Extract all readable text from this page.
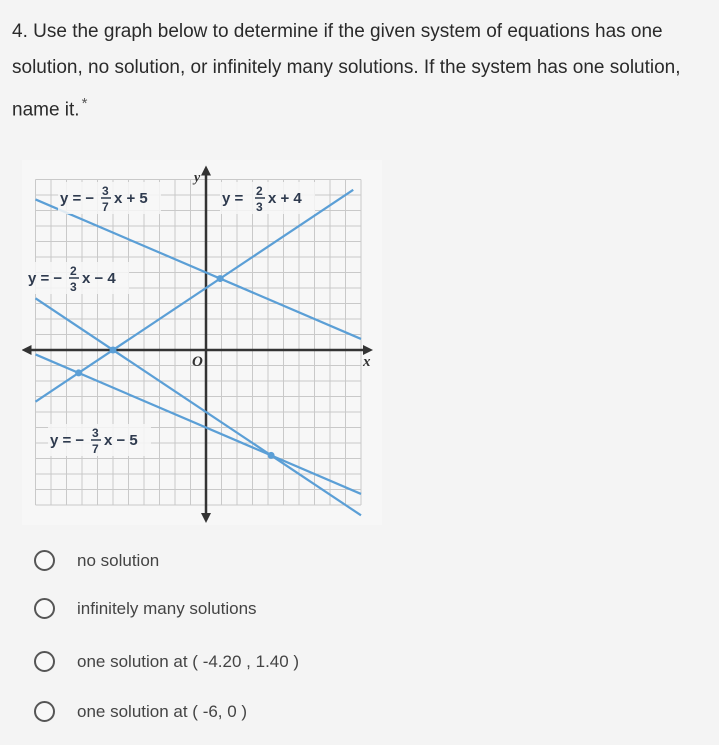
4. Use the graph below to determine if the given system of equations has one solution, no solution, or infinitely many solutions. If the system has one solution, name it. *
y
x
O
y = − 3
7 x + 5	y = 2
3 x + 4
y = − 2
3 x − 4
y = − 3
7 x − 5
no solution
infinitely many solutions
one solution at ( -4.20 , 1.40 )
one solution at ( -6, 0 )
